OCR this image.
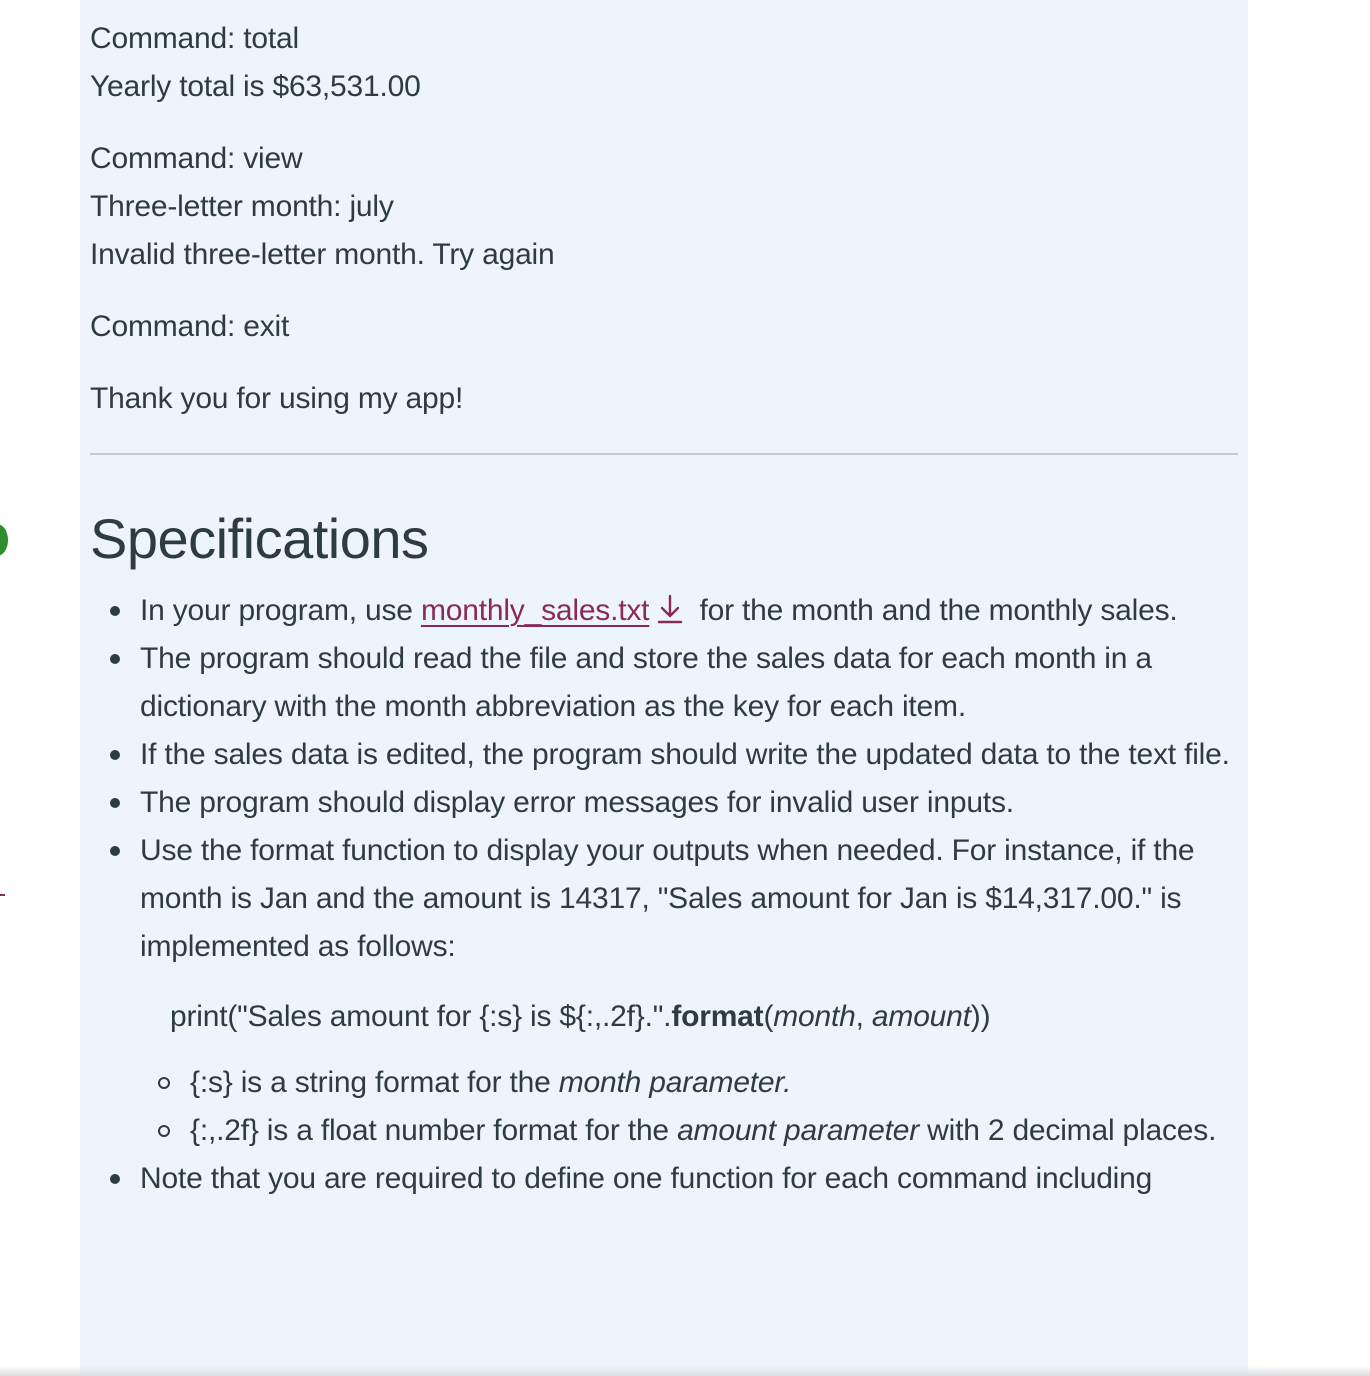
Command: total
Yearly total is $63,531.00
Command: view
Three-letter month: july
Invalid three-letter month. Try again
Command: exit
Thank you for using my app!
Specifications
In your program, use monthly_sales.txt for the month and the monthly sales.
The program should read the file and store the sales data for each month in a dictionary with the month abbreviation as the key for each item.
If the sales data is edited, the program should write the updated data to the text file.
The program should display error messages for invalid user inputs.
Use the format function to display your outputs when needed. For instance, if the month is Jan and the amount is 14317, "Sales amount for Jan is $14,317.00." is implemented as follows:
print("Sales amount for {:s} is ${:,.2f}.".format(month, amount))
{:s} is a string format for the month parameter.
{:,.2f} is a float number format for the amount parameter with 2 decimal places.
Note that you are required to define one function for each command including
